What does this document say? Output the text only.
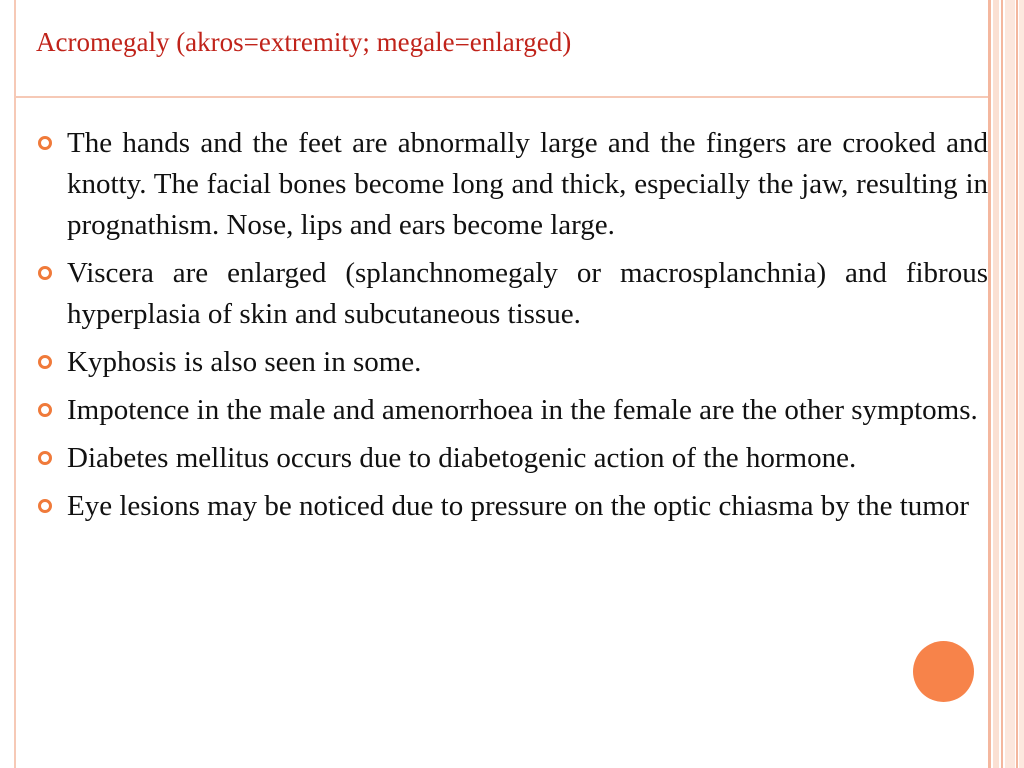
Acromegaly (akros=extremity; megale=enlarged)
The hands and the feet are abnormally large and the fingers are crooked and knotty. The facial bones become long and thick, especially the jaw, resulting in prognathism. Nose, lips and ears become large.
Viscera are enlarged (splanchnomegaly or macrosplanchnia) and fibrous hyperplasia of skin and subcutaneous tissue.
Kyphosis is also seen in some.
Impotence in the male and amenorrhoea in the female are the other symptoms.
Diabetes mellitus occurs due to diabetogenic action of the hormone.
Eye lesions may be noticed due to pressure on the optic chiasma by the tumor
